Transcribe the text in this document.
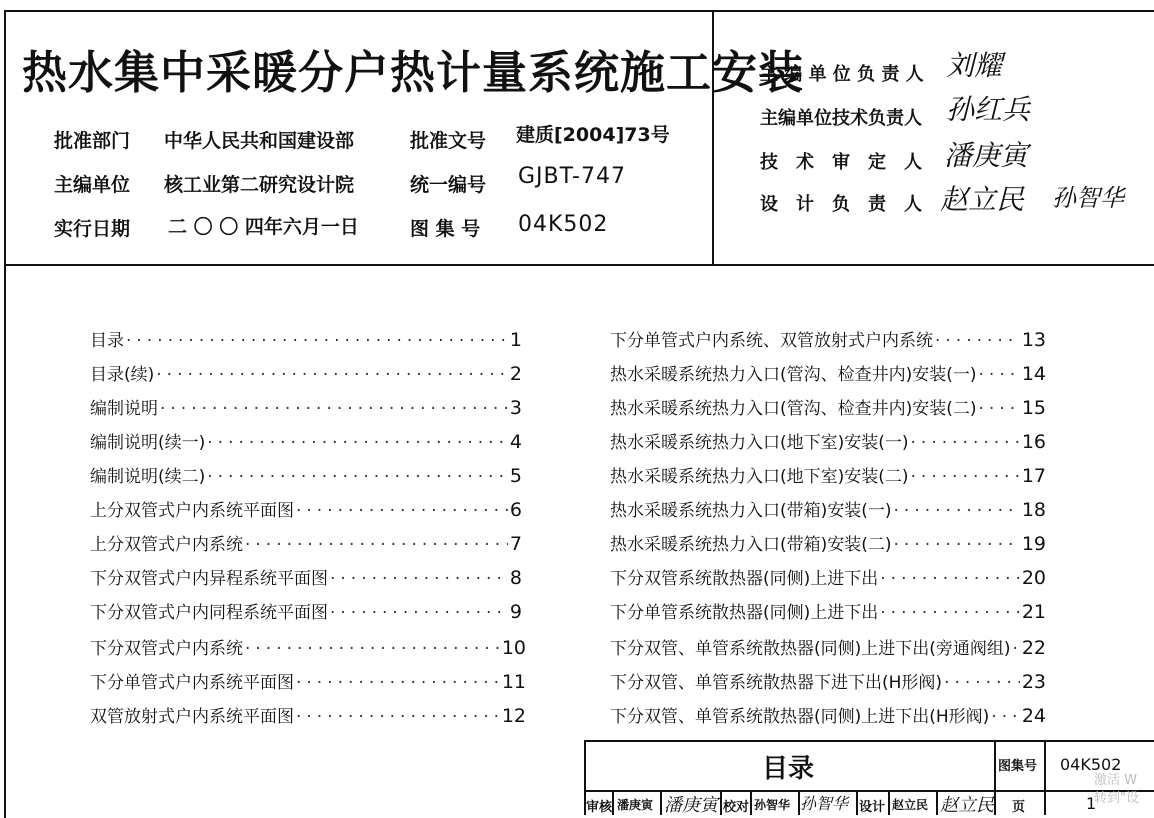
热水集中采暖分户热计量系统施工安装
批准部门 中华人民共和国建设部	批准文号 建质[2004]73号
主编单位 核工业第二研究设计院	统一编号 GJBT-747
实行日期 二 〇 〇 四年六月一日	图 集 号 04K502
主 编 单 位 负 责 人 刘耀
主编单位技术负责人 孙红兵
技术审定人 潘庚寅
设计负责人 赵立民 孙智华
目录 ·····	1
目录(续) ·····	2
编制说明 ·····	3
编制说明(续一) ·····	4
编制说明(续二) ·····	5
上分双管式户内系统平面图 ·····	6
上分双管式户内系统 ·····	7
下分双管式户内异程系统平面图 ·····	8
下分双管式户内同程系统平面图 ·····	9
下分双管式户内系统 ·····	10
下分单管式户内系统平面图 ·····	11
双管放射式户内系统平面图 ·····	12
下分单管式户内系统、双管放射式户内系统 ·····	13
热水采暖系统热力入口(管沟、检查井内)安装(一) ····· 14
热水采暖系统热力入口(管沟、检查井内)安装(二) ····· 15
热水采暖系统热力入口(地下室)安装(一) ·····	16
热水采暖系统热力入口(地下室)安装(二) ·····	17
热水采暖系统热力入口(带箱)安装(一) ·····	18
热水采暖系统热力入口(带箱)安装(二) ·····	19
下分双管系统散热器(同侧)上进下出 ·····	20
下分单管系统散热器(同侧)上进下出 ·····	21
下分双管、单管系统散热器(同侧)上进下出(旁通阀组) ····· 22
下分双管、单管系统散热器下进下出(H形阀) ·····	23
下分双管、单管系统散热器(同侧)上进下出(H形阀) ····· 24
目录	图集号 04K502
审核 潘庚寅 潘庚寅 校对 孙智华 孙智华 设计 赵立民 赵立民 页	1
激活 W
转到"设
